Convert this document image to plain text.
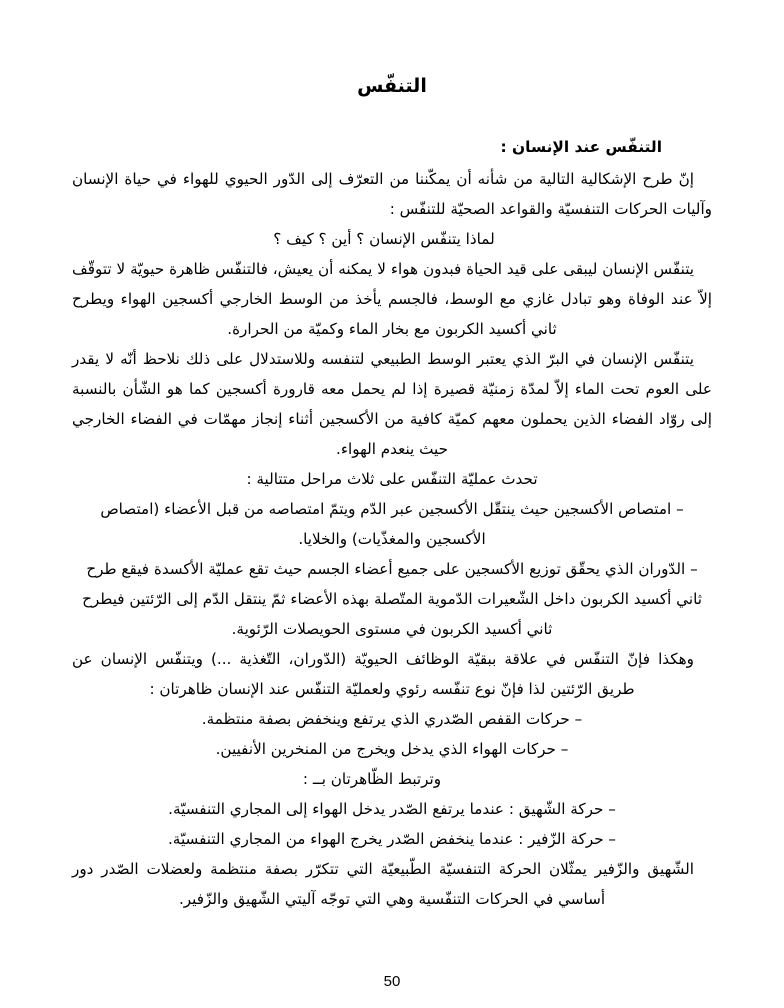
التنفّس
التنفّس عند الإنسان :

إنّ طرح الإشكالية التالية من شأنه أن يمكّننا من التعرّف إلى الدّور الحيوي للهواء في حياة الإنسان وآليات الحركات التنفسيّة والقواعد الصحيّة للتنفّس :

لماذا يتنفّس الإنسان ؟ أين ؟ كيف ؟

يتنفّس الإنسان ليبقى على قيد الحياة فبدون هواء لا يمكنه أن يعيش، فالتنفّس ظاهرة حيويّة لا تتوقّف إلاّ عند الوفاة وهو تبادل غازي مع الوسط، فالجسم يأخذ من الوسط الخارجي أكسجين الهواء ويطرح ثاني أكسيد الكربون مع بخار الماء وكميّة من الحرارة.

يتنفّس الإنسان في البرّ الذي يعتبر الوسط الطبيعي لتنفسه وللاستدلال على ذلك نلاحظ أنّه لا يقدر على العوم تحت الماء إلاّ لمدّة زمنيّة قصيرة إذا لم يحمل معه قارورة أكسجين كما هو الشّأن بالنسبة إلى روّاد الفضاء الذين يحملون معهم كميّة كافية من الأكسجين أثناء إنجاز مهمّات في الفضاء الخارجي حيث ينعدم الهواء.

تحدث عمليّة التنفّس على ثلاث مراحل متتالية :

– امتصاص الأكسجين حيث ينتقّل الأكسجين عبر الدّم ويتمّ امتصاصه من قبل الأعضاء (امتصاص الأكسجين والمغذّيات) والخلايا.

– الدّوران الذي يحقّق توزيع الأكسجين على جميع أعضاء الجسم حيث تقع عمليّة الأكسدة فيقع طرح ثاني أكسيد الكربون داخل الشّعيرات الدّموية المتّصلة بهذه الأعضاء ثمّ ينتقل الدّم إلى الرّئتين فيطرح ثاني أكسيد الكربون في مستوى الحويصلات الرّئوية.

وهكذا فإنّ التنفّس في علاقة ببقيّة الوظائف الحيويّة (الدّوران، التّغذية ...) ويتنفّس الإنسان عن طريق الرّئتين لذا فإنّ نوع تنفّسه رئوي ولعمليّة التنفّس عند الإنسان ظاهرتان :

– حركات القفص الصّدري الذي يرتفع وينخفض بصفة منتظمة.

– حركات الهواء الذي يدخل ويخرج من المنخرين الأنفيين.

وترتبط الظّاهرتان بــ :

– حركة الشّهيق : عندما يرتفع الصّدر يدخل الهواء إلى المجاري التنفسيّة.

– حركة الزّفير : عندما ينخفض الصّدر يخرج الهواء من المجاري التنفسيّة.

الشّهيق والزّفير يمثّلان الحركة التنفسيّة الطّبيعيّة التي تتكرّر بصفة منتظمة ولعضلات الصّدر دور أساسي في الحركات التنفّسية وهي التي توجّه آليتي الشّهيق والزّفير.

50
